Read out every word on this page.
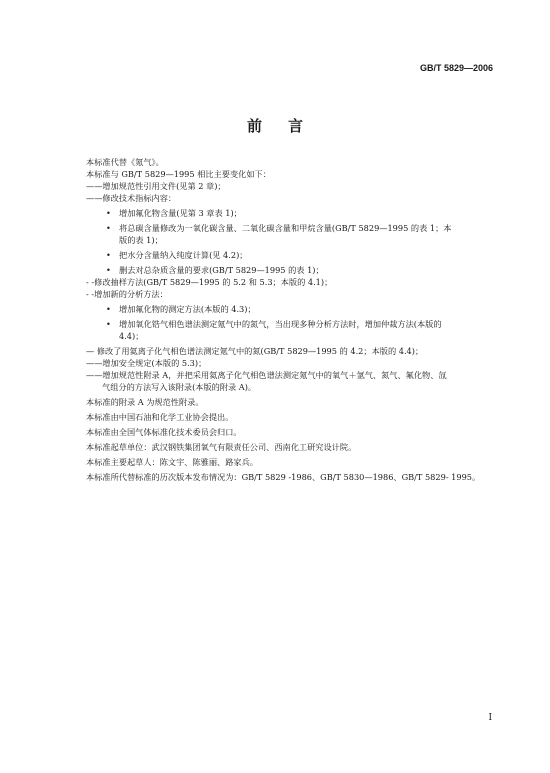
GB/T 5829—2006
前 言

本标准代替《氪气》。

本标准与 GB/T 5829—1995 相比主要变化如下：

——增加规范性引用文件(见第 2 章)；

——修改技术指标内容：

• 增加氟化物含量(见第 3 章表 1)；

• 将总碳含量修改为一氧化碳含量、二氧化碳含量和甲烷含量(GB/T 5829—1995 的表 1；本
版的表 1)；

• 把水分含量纳入纯度计算(见 4.2)；

• 删去对总杂质含量的要求(GB/T 5829—1995 的表 1)；

- -修改抽样方法(GB/T 5829—1995 的 5.2 和 5.3；本版的 4.1)；

- -增加新的分析方法：

• 增加氟化物的测定方法(本版的 4.3)；

• 增加氧化锆气相色谱法测定氪气中的氮气，当出现多种分析方法时，增加仲裁方法(本版的
4.4)；

— 修改了用氦离子化气相色谱法测定氪气中的氮(GB/T 5829—1995 的 4.2；本版的 4.4)；

——增加安全规定(本版的 5.3)；

——增加规范性附录 A，并把采用氦离子化气相色谱法测定氪气中的氧气＋氩气、氮气、氟化物、氙

气组分的方法写入该附录(本版的附录 A)。

本标准的附录 A 为规范性附录。

本标准由中国石油和化学工业协会提出。

本标准由全国气体标准化技术委员会归口。

本标准起草单位：武汉钢铁集团氧气有限责任公司、西南化工研究设计院。

本标准主要起草人：陈文宇、陈雅丽、路家兵。

本标准所代替标准的历次版本发布情况为：GB/T 5829 -1986、GB/T 5830—1986、GB/T 5829- 1995。

I
